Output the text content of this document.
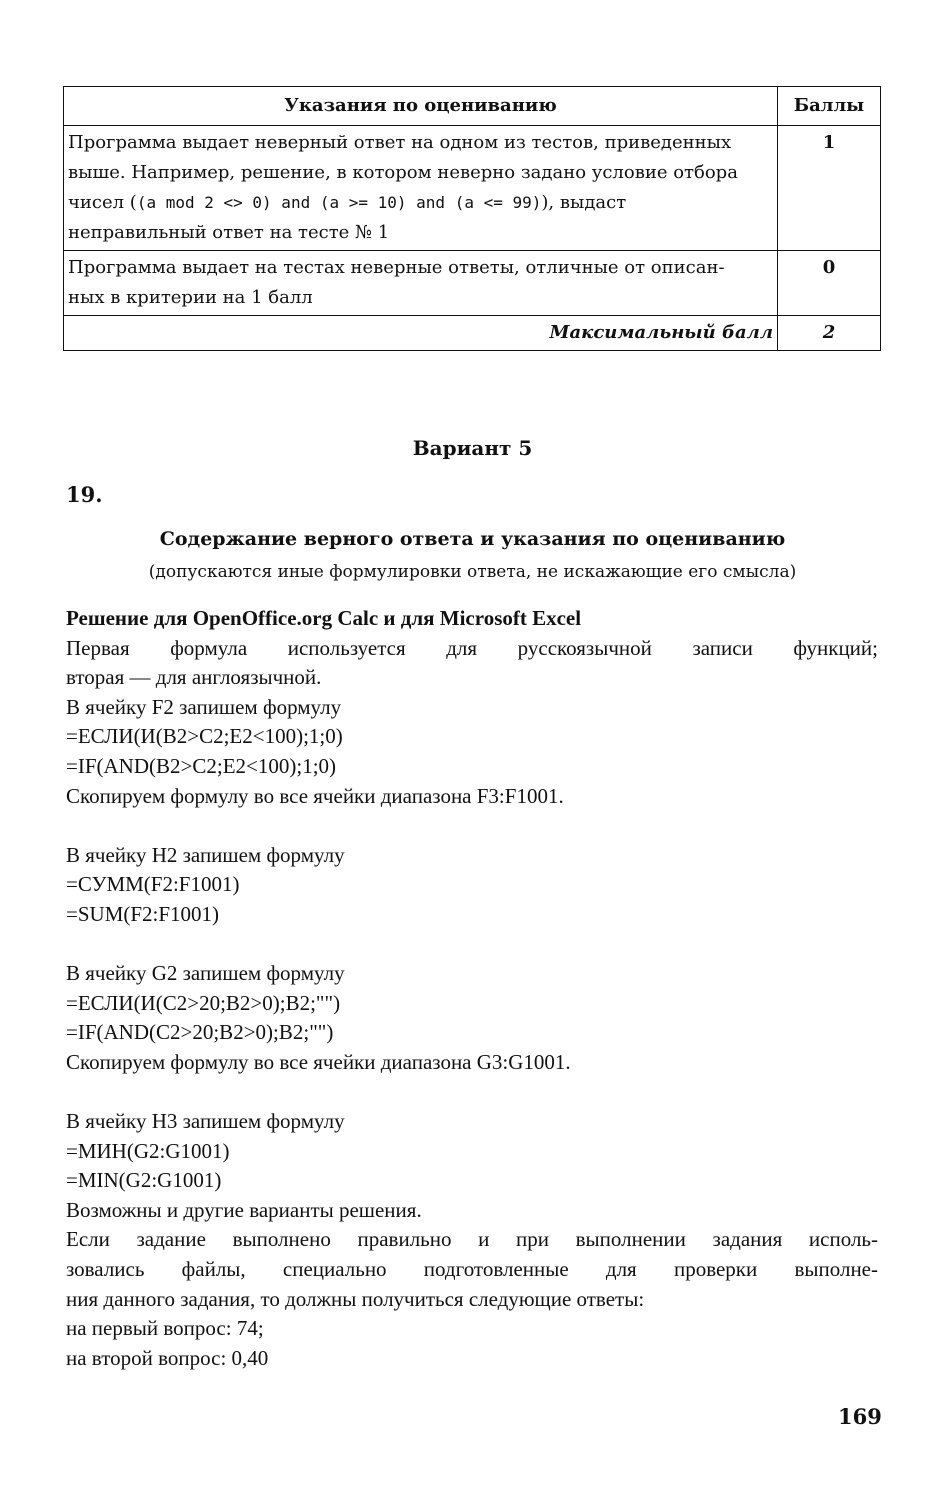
Указания по оцениванию	Баллы
Программа выдает неверный ответ на одном из тестов, приведенных
выше. Например, решение, в котором неверно задано условие отбора
чисел ((a mod 2 <> 0) and (a >= 10) and (a <= 99)), выдаст
неправильный ответ на тесте № 1	1
Программа выдает на тестах неверные ответы, отличные от описан-
ных в критерии на 1 балл	0
Максимальный балл	2
Вариант 5
19.
Содержание верного ответа и указания по оцениванию
(допускаются иные формулировки ответа, не искажающие его смысла)
Решение для OpenOffice.org Calc и для Microsoft Excel
Первая формула используется для русскоязычной записи функций;
вторая — для англоязычной.
В ячейку F2 запишем формулу
=ЕСЛИ(И(B2>C2;E2<100);1;0)
=IF(AND(B2>C2;E2<100);1;0)
Скопируем формулу во все ячейки диапазона F3:F1001.
В ячейку H2 запишем формулу
=СУММ(F2:F1001)
=SUM(F2:F1001)
В ячейку G2 запишем формулу
=ЕСЛИ(И(C2>20;B2>0);B2;"")
=IF(AND(C2>20;B2>0);B2;"")
Скопируем формулу во все ячейки диапазона G3:G1001.
В ячейку H3 запишем формулу
=МИН(G2:G1001)
=MIN(G2:G1001)
Возможны и другие варианты решения.
Если задание выполнено правильно и при выполнении задания исполь-
зовались файлы, специально подготовленные для проверки выполне-
ния данного задания, то должны получиться следующие ответы:
на первый вопрос: 74;
на второй вопрос: 0,40
169
